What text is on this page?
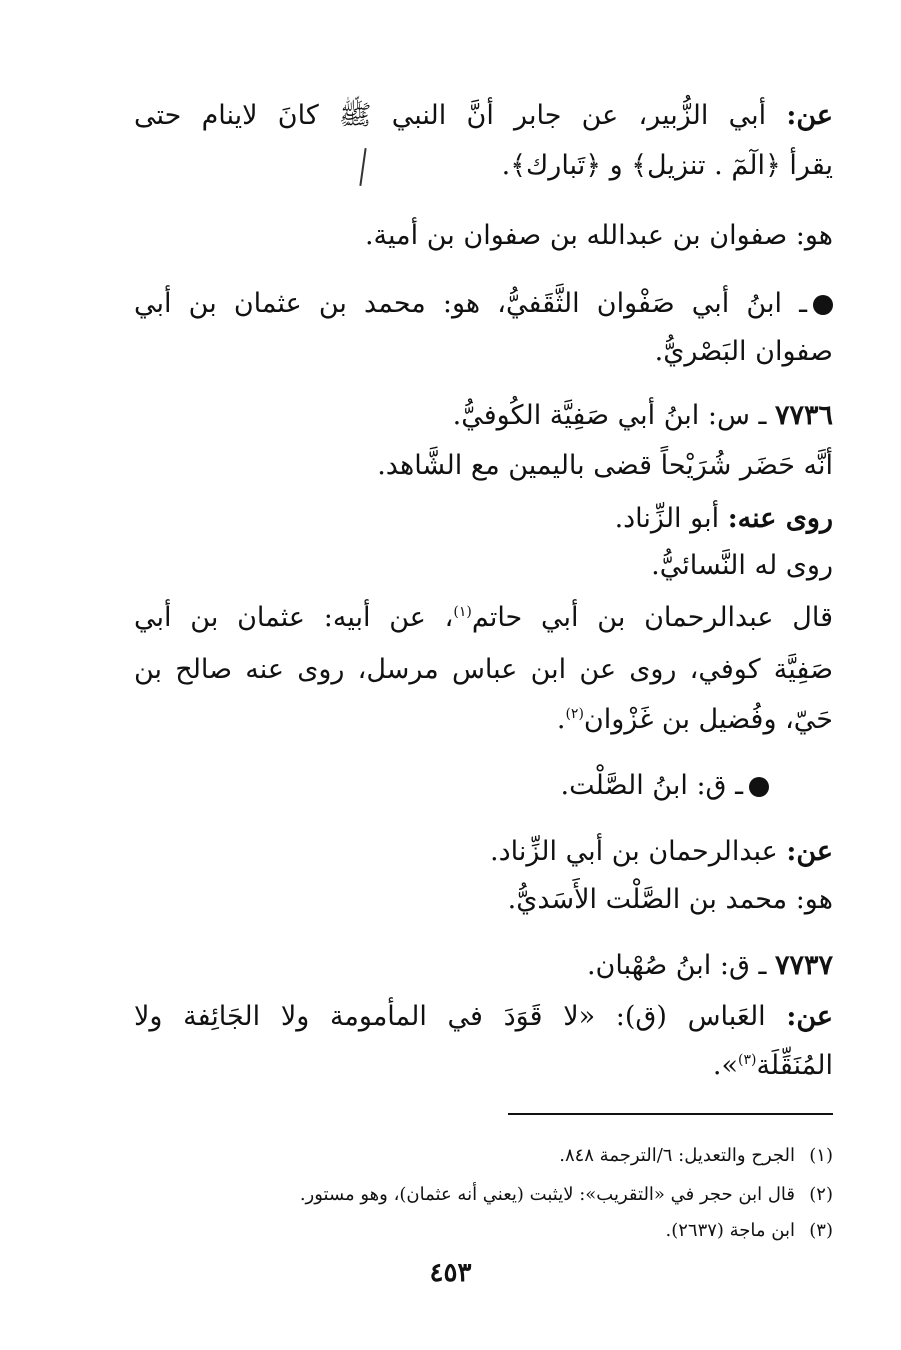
عن: أبي الزُّبير، عن جابر أنَّ النبي ﷺ كانَ لاينام حتى
يقرأ ﴿الٓمٓ . تنزيل﴾ و ﴿تَبارك﴾.
هو: صفوان بن عبدالله بن صفوان بن أمية.
ـ ابنُ أبي صَفْوان الثَّقَفيُّ، هو: محمد بن عثمان بن أبي
صفوان البَصْريُّ.
٧٧٣٦ ـ س: ابنُ أبي صَفِيَّة الكُوفيُّ.
أنَّه حَضَر شُرَيْحاً قضى باليمين مع الشَّاهد.
روى عنه: أبو الزِّناد.
روى له النَّسائيُّ.
قال عبدالرحمان بن أبي حاتم$^{(١)}$، عن أبيه: عثمان بن أبي
صَفِيَّة كوفي، روى عن ابن عباس مرسل، روى عنه صالح بن
حَيّ، وفُضيل بن غَزْوان$^{(٢)}$.
ـ ق: ابنُ الصَّلْت.
عن: عبدالرحمان بن أبي الزِّناد.
هو: محمد بن الصَّلْت الأَسَديُّ.
٧٧٣٧ ـ ق: ابنُ صُهْبان.
عن: العَباس (ق): «لا قَوَدَ في المأمومة ولا الجَائِفة ولا
المُنَقِّلَة$^{(٣)}$».
(١)الجرح والتعديل: ٦/الترجمة ٨٤٨.
(٢)قال ابن حجر في «التقريب»: لايثبت (يعني أنه عثمان)، وهو مستور.
(٣)ابن ماجة (٢٦٣٧).
٤٥٣
